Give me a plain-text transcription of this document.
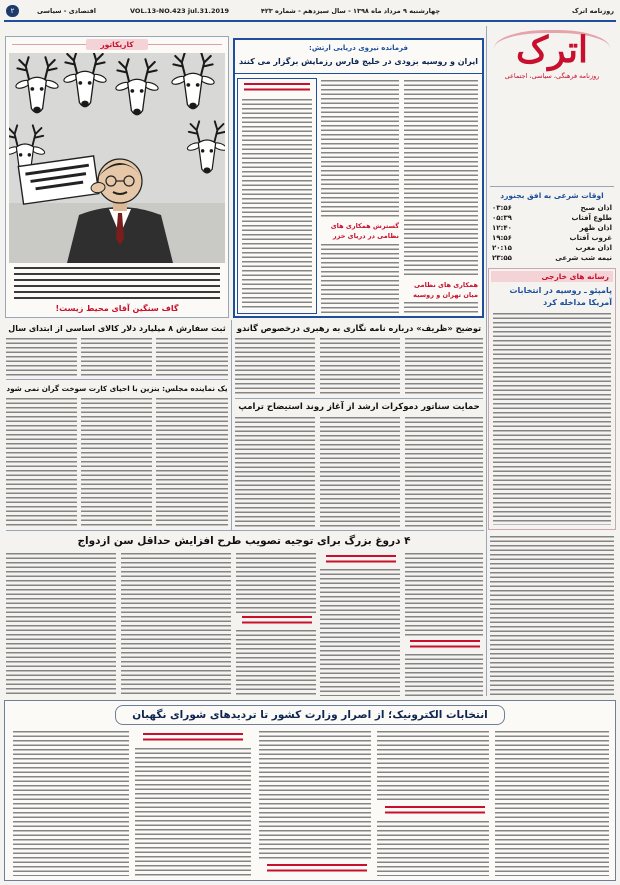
روزنامه اترک
چهارشنبه ۹ مرداد ماه ۱۳۹۸ - سال سیزدهم - شماره ۴۲۳
VOL.13-NO.423 jul.31.2019
اقتصادی - سیاسی
۲
اترک
روزنامه فرهنگی، سیاسی، اجتماعی
اوقات شرعی به افق بجنورد
اذان صبح
۰۳:۵۶
طلوع آفتاب
۰۵:۳۹
اذان ظهر
۱۲:۴۰
غروب آفتاب
۱۹:۵۶
اذان مغرب
۲۰:۱۵
نیمه شب شرعی
۲۳:۵۵
رسانه های خارجی
پامپئو ـ روسیه در انتخابات آمریکا مداخله کرد
کاریکاتور
گاف سنگین آقای محیط زیست!
فرمانده نیروی دریایی ارتش:
ایران و روسیه بزودی در خلیج فارس رزمایش برگزار می کنند
همکاری های نظامی میان تهران و روسیه
گسترش همکاری های نظامی در دریای خزر
ثبت سفارش ۸ میلیارد دلار کالای اساسی از ابتدای سال
یک نماینده مجلس: بنزین با احیای کارت سوخت گران نمی شود
توضیح «ظریف» درباره نامه نگاری به رهبری درخصوص گاندو
حمایت سناتور دموکرات ارشد از آغاز روند استیضاح ترامپ
۴ دروغ بزرگ برای توجیه تصویب طرح افزایش حداقل سن ازدواج
انتخابات الکترونیک؛ از اصرار وزارت کشور تا تردیدهای شورای نگهبان
